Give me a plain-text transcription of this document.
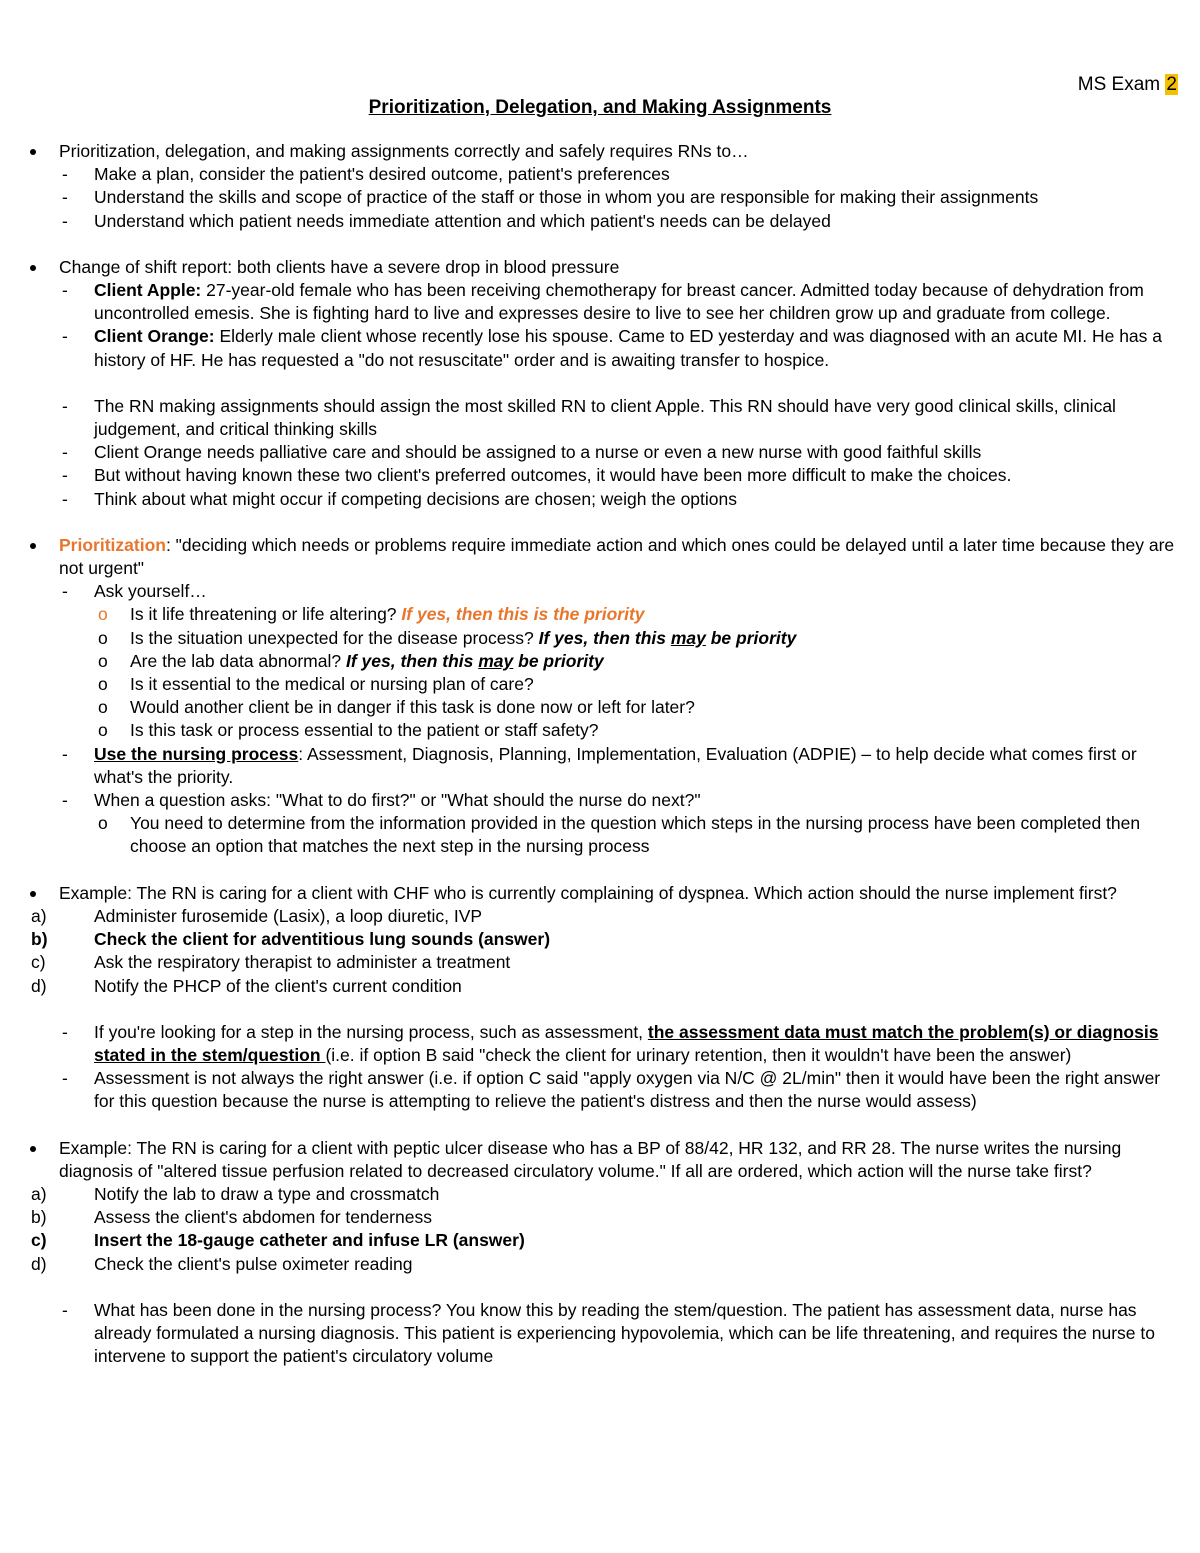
MS Exam 2
Prioritization, Delegation, and Making Assignments
Prioritization, delegation, and making assignments correctly and safely requires RNs to…
- Make a plan, consider the patient's desired outcome, patient's preferences
- Understand the skills and scope of practice of the staff or those in whom you are responsible for making their assignments
- Understand which patient needs immediate attention and which patient's needs can be delayed
Change of shift report: both clients have a severe drop in blood pressure
- Client Apple: 27-year-old female who has been receiving chemotherapy for breast cancer. Admitted today because of dehydration from uncontrolled emesis. She is fighting hard to live and expresses desire to live to see her children grow up and graduate from college.
- Client Orange: Elderly male client whose recently lose his spouse. Came to ED yesterday and was diagnosed with an acute MI. He has a history of HF. He has requested a "do not resuscitate" order and is awaiting transfer to hospice.
- The RN making assignments should assign the most skilled RN to client Apple. This RN should have very good clinical skills, clinical judgement, and critical thinking skills
- Client Orange needs palliative care and should be assigned to a nurse or even a new nurse with good faithful skills
- But without having known these two client's preferred outcomes, it would have been more difficult to make the choices.
- Think about what might occur if competing decisions are chosen; weigh the options
Prioritization: "deciding which needs or problems require immediate action and which ones could be delayed until a later time because they are not urgent"
- Ask yourself…
o Is it life threatening or life altering? If yes, then this is the priority
o Is the situation unexpected for the disease process? If yes, then this may be priority
o Are the lab data abnormal? If yes, then this may be priority
o Is it essential to the medical or nursing plan of care?
o Would another client be in danger if this task is done now or left for later?
o Is this task or process essential to the patient or staff safety?
- Use the nursing process: Assessment, Diagnosis, Planning, Implementation, Evaluation (ADPIE) – to help decide what comes first or what's the priority.
- When a question asks: "What to do first?" or "What should the nurse do next?"
o You need to determine from the information provided in the question which steps in the nursing process have been completed then choose an option that matches the next step in the nursing process
Example: The RN is caring for a client with CHF who is currently complaining of dyspnea. Which action should the nurse implement first?
a)	Administer furosemide (Lasix), a loop diuretic, IVP
b)	Check the client for adventitious lung sounds (answer)
c)	Ask the respiratory therapist to administer a treatment
d)	Notify the PHCP of the client's current condition
- If you're looking for a step in the nursing process, such as assessment, the assessment data must match the problem(s) or diagnosis stated in the stem/question (i.e. if option B said "check the client for urinary retention, then it wouldn't have been the answer)
- Assessment is not always the right answer (i.e. if option C said "apply oxygen via N/C @ 2L/min" then it would have been the right answer for this question because the nurse is attempting to relieve the patient's distress and then the nurse would assess)
Example: The RN is caring for a client with peptic ulcer disease who has a BP of 88/42, HR 132, and RR 28. The nurse writes the nursing diagnosis of "altered tissue perfusion related to decreased circulatory volume." If all are ordered, which action will the nurse take first?
a)	Notify the lab to draw a type and crossmatch
b)	Assess the client's abdomen for tenderness
c)	Insert the 18-gauge catheter and infuse LR (answer)
d)	Check the client's pulse oximeter reading
- What has been done in the nursing process? You know this by reading the stem/question. The patient has assessment data, nurse has already formulated a nursing diagnosis. This patient is experiencing hypovolemia, which can be life threatening, and requires the nurse to intervene to support the patient's circulatory volume
